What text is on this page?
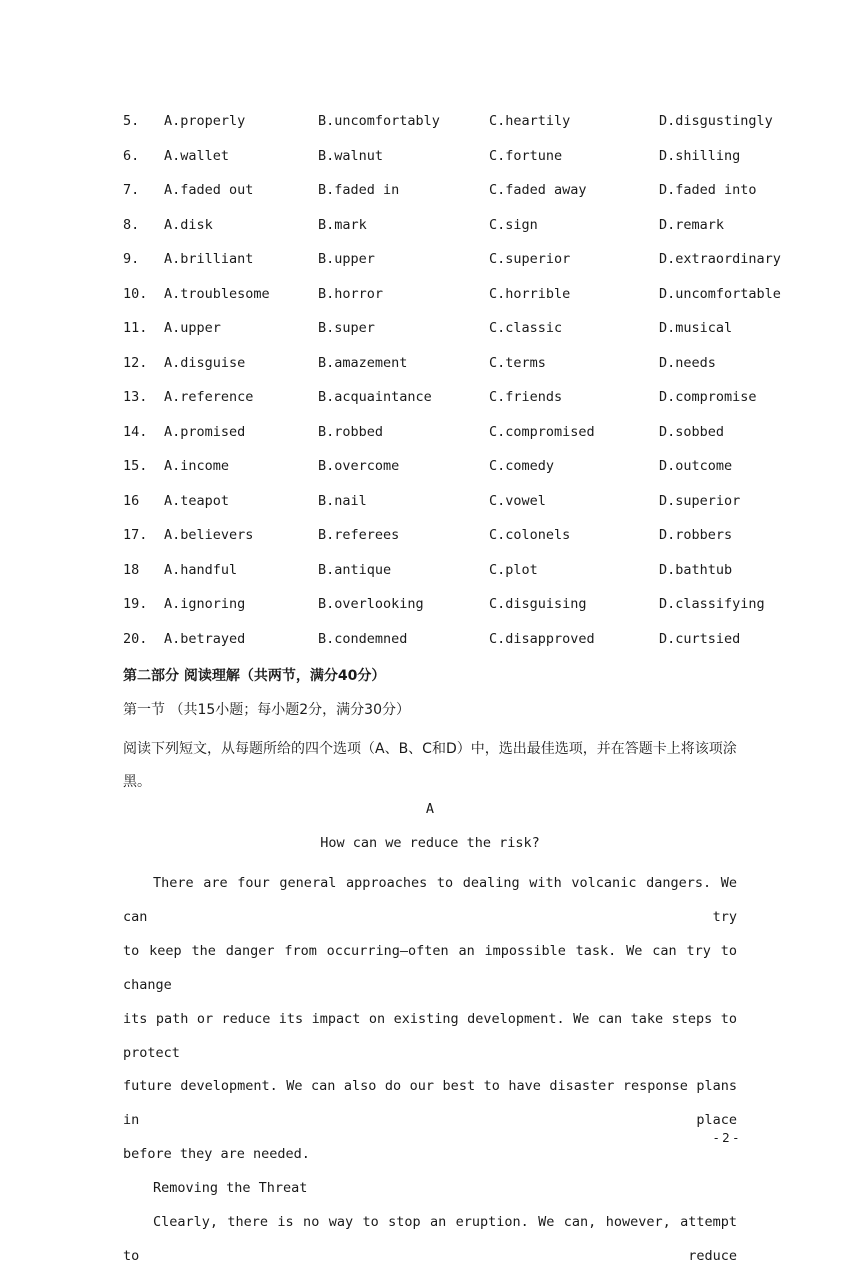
5. A.properly	B.uncomfortably	C.heartily	D.disgustingly
6. A.wallet	B.walnut	C.fortune	D.shilling
7. A.faded out	B.faded in	C.faded away	D.faded into
8. A.disk	B.mark	C.sign	D.remark
9. A.brilliant	B.upper	C.superior	D.extraordinary
10. A.troublesome	B.horror	C.horrible	D.uncomfortable
11. A.upper	B.super	C.classic	D.musical
12. A.disguise	B.amazement	C.terms	D.needs
13. A.reference	B.acquaintance	C.friends	D.compromise
14. A.promised	B.robbed	C.compromised	D.sobbed
15. A.income	B.overcome	C.comedy	D.outcome
16 A.teapot	B.nail	C.vowel	D.superior
17. A.believers	B.referees	C.colonels	D.robbers
18 A.handful	B.antique	C.plot	D.bathtub
19. A.ignoring	B.overlooking	C.disguising	D.classifying
20. A.betrayed	B.condemned	C.disapproved	D.curtsied
第二部分 阅读理解（共两节，满分40分）
第一节 （共15小题；每小题2分，满分30分）
阅读下列短文，从每题所给的四个选项（A、B、C和D）中，选出最佳选项，并在答题卡上将该项涂黑。
A
How can we reduce the risk?
There are four general approaches to dealing with volcanic dangers. We can try
to keep the danger from occurring—often an impossible task. We can try to change
its path or reduce its impact on existing development. We can take steps to protect
future development. We can also do our best to have disaster response plans in place
before they are needed.
Removing the Threat
Clearly, there is no way to stop an eruption. We can, however, attempt to reduce
- 2 -
